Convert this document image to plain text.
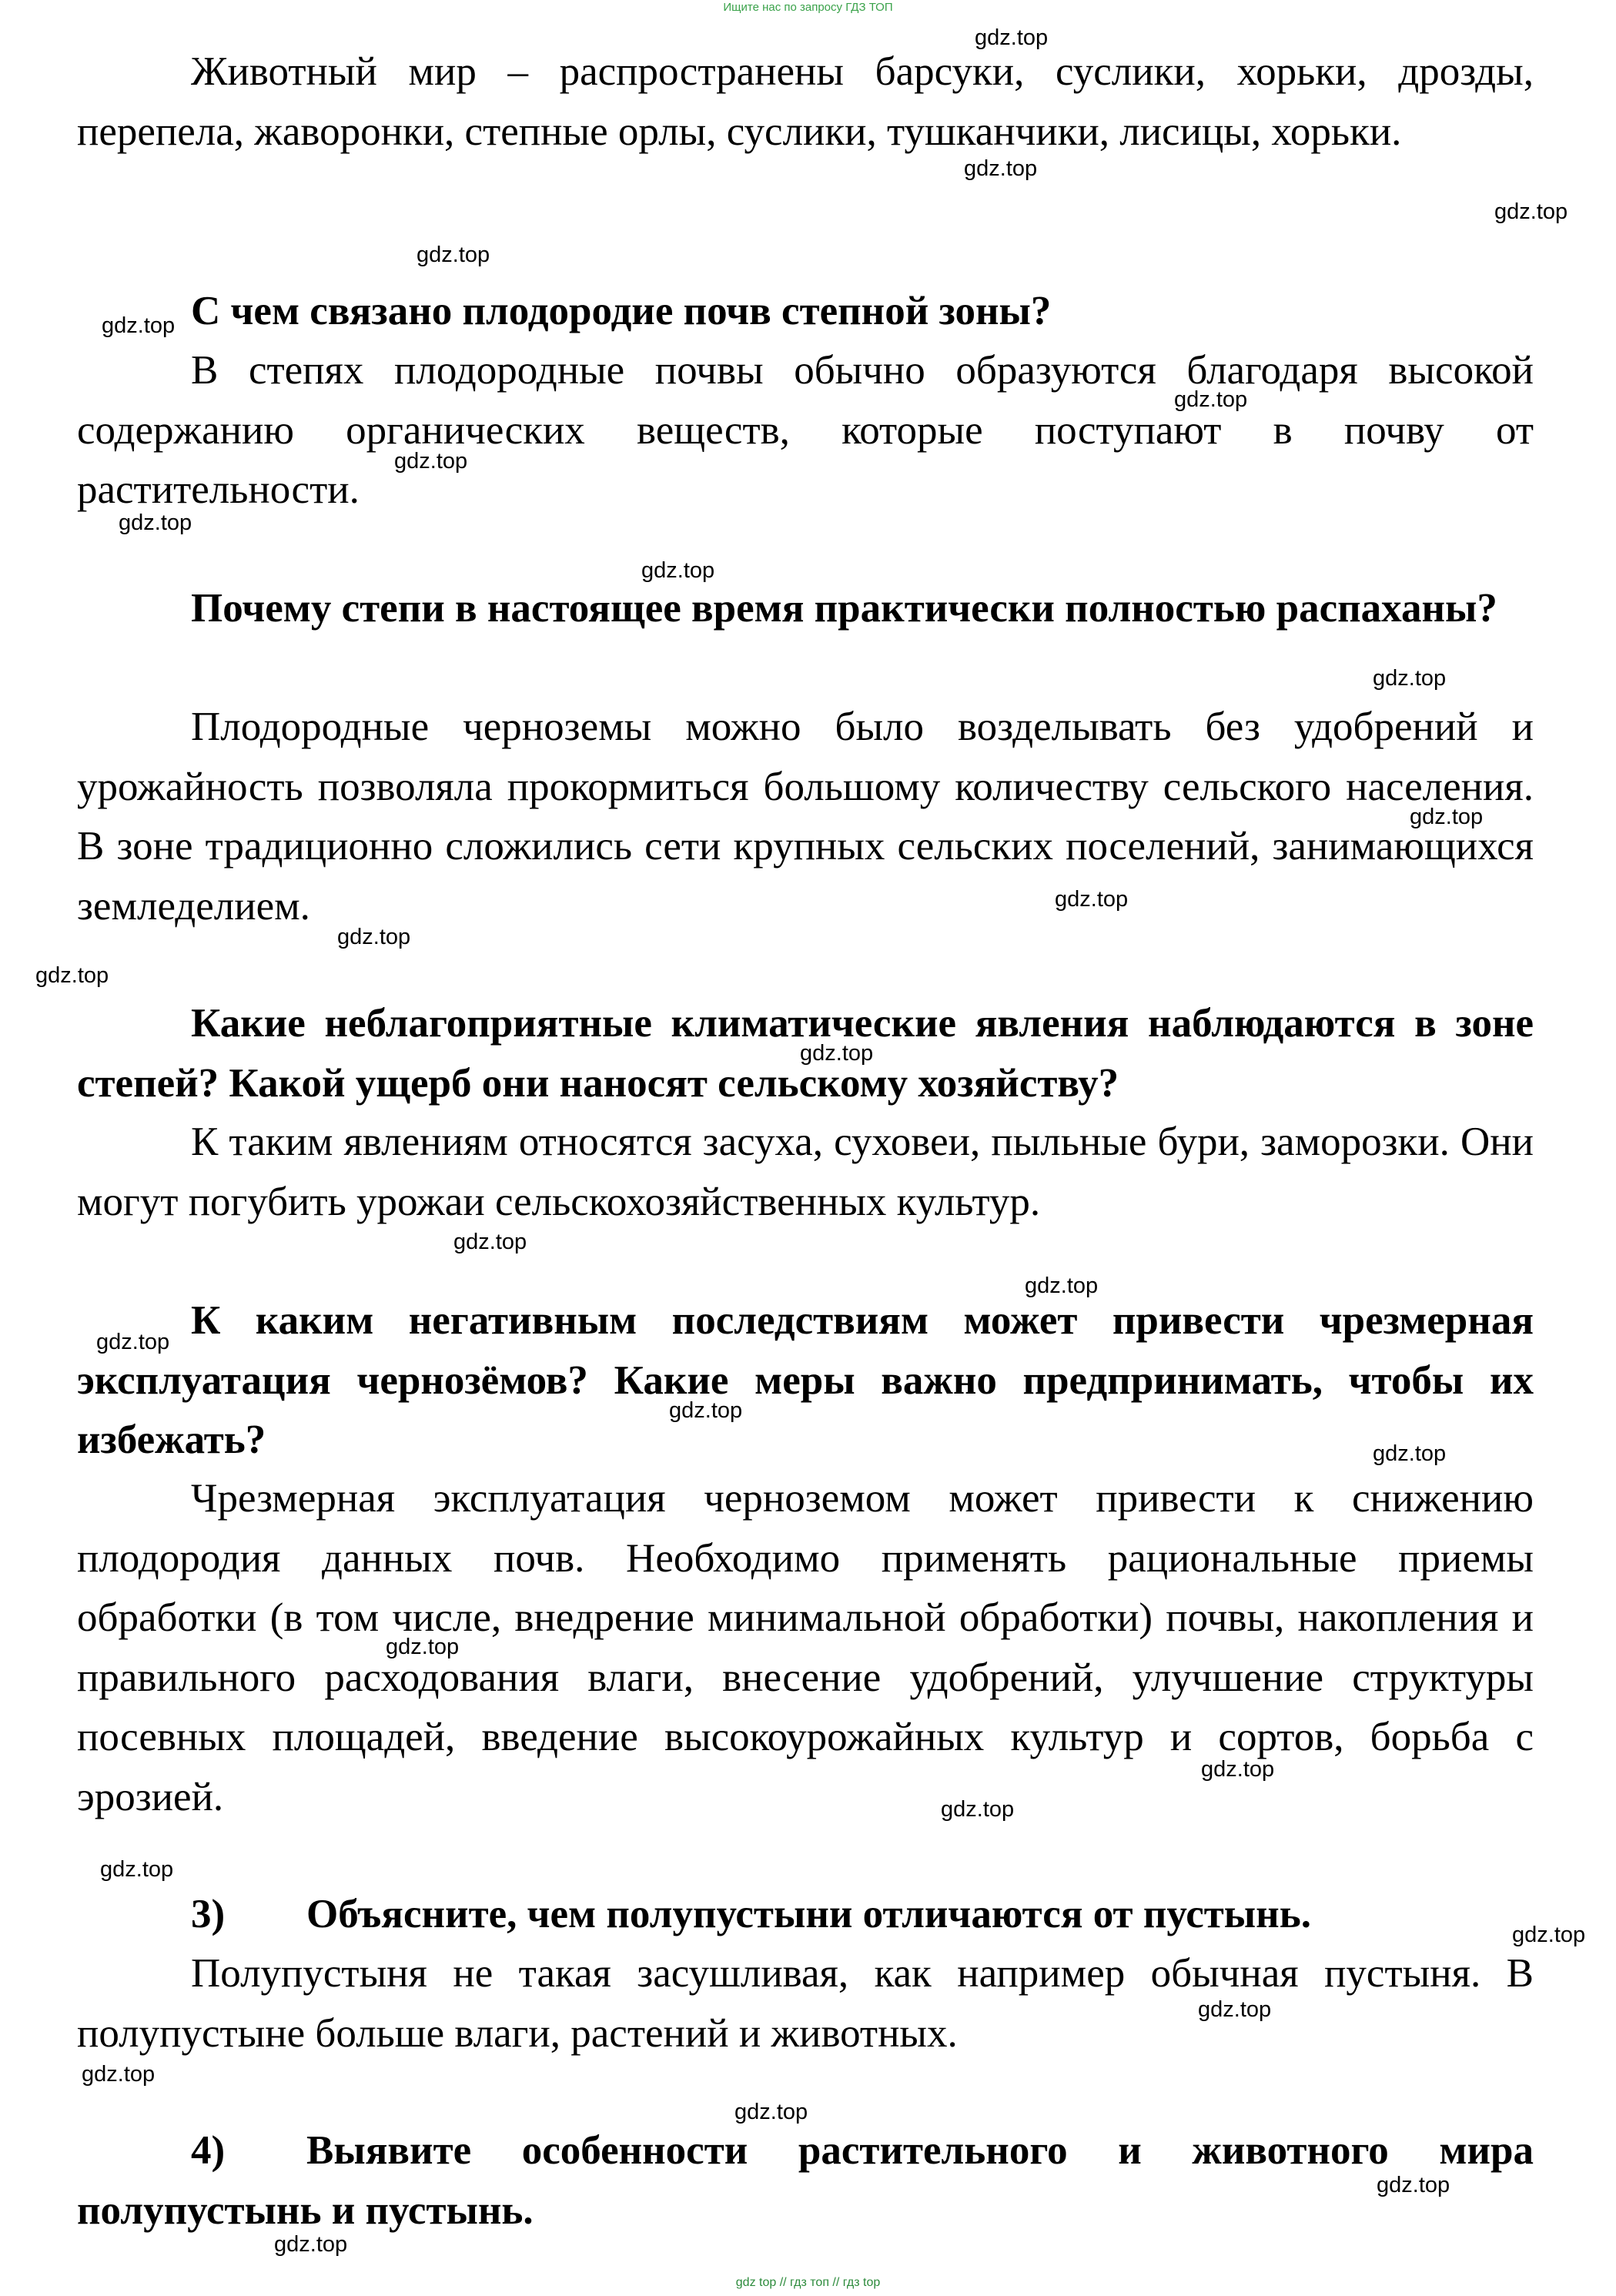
Ищите нас по запросу ГДЗ ТОП
Животный мир – распространены барсуки, суслики, хорьки, дрозды, перепела, жаворонки, степные орлы, суслики, тушканчики, лисицы, хорьки.
С чем связано плодородие почв степной зоны?
В степях плодородные почвы обычно образуются благодаря высокой содержанию органических веществ, которые поступают в почву от растительности.
Почему степи в настоящее время практически полностью распаханы?
Плодородные черноземы можно было возделывать без удобрений и урожайность позволяла прокормиться большому количеству сельского населения. В зоне традиционно сложились сети крупных сельских поселений, занимающихся земледелием.
Какие неблагоприятные климатические явления наблюдаются в зоне степей? Какой ущерб они наносят сельскому хозяйству?
К таким явлениям относятся засуха, суховеи, пыльные бури, заморозки. Они могут погубить урожаи сельскохозяйственных культур.
К каким негативным последствиям может привести чрезмерная эксплуатация чернозёмов? Какие меры важно предпринимать, чтобы их избежать?
Чрезмерная эксплуатация черноземом может привести к снижению плодородия данных почв. Необходимо применять рациональные приемы обработки (в том числе, внедрение минимальной обработки) почвы, накопления и правильного расходования влаги, внесение удобрений, улучшение структуры посевных площадей, введение высокоурожайных культур и сортов, борьба с эрозией.
3) Объясните, чем полупустыни отличаются от пустынь.
Полупустыня не такая засушливая, как например обычная пустыня. В полупустыне больше влаги, растений и животных.
4) Выявите особенности растительного и животного мира полупустынь и пустынь.
gdz.top
gdz.top
gdz.top
gdz.top
gdz.top
gdz.top
gdz.top
gdz.top
gdz.top
gdz.top
gdz.top
gdz.top
gdz.top
gdz.top
gdz.top
gdz.top
gdz.top
gdz.top
gdz.top
gdz.top
gdz.top
gdz.top
gdz.top
gdz.top
gdz.top
gdz.top
gdz.top
gdz.top
gdz.top
gdz.top
gdz top // гдз топ // гдз top
